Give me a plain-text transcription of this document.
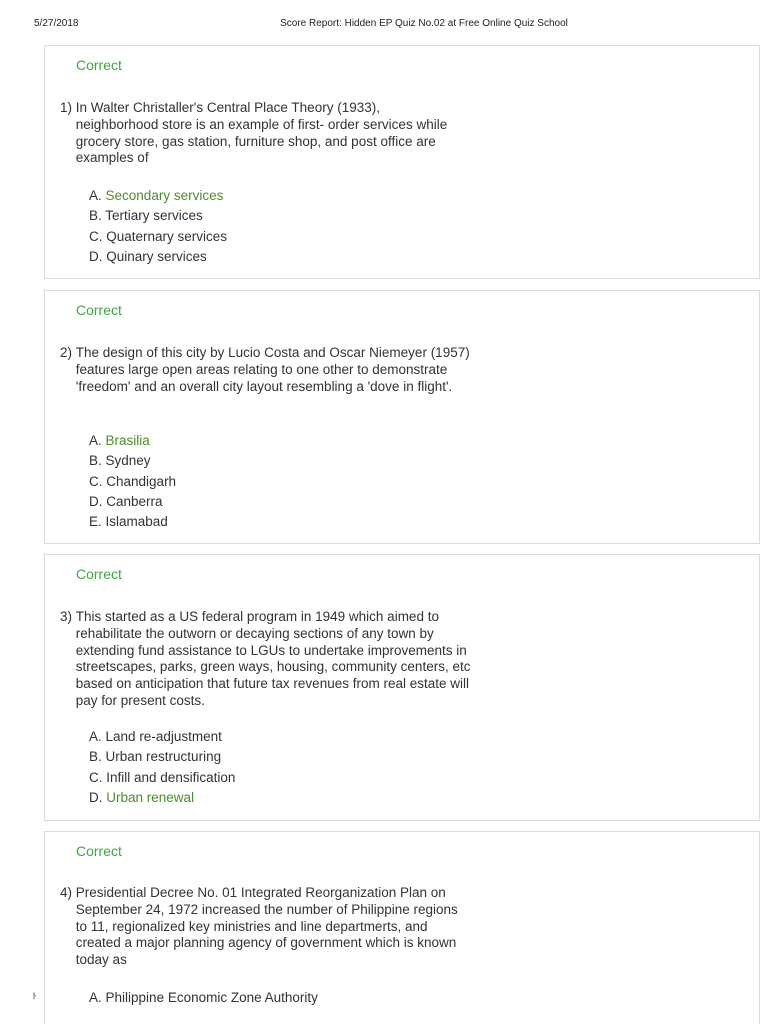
5/27/2018	Score Report: Hidden EP Quiz No.02 at Free Online Quiz School
Correct
1)
In Walter Christaller's Central Place Theory (1933), neighborhood store is an example of first- order services while grocery store, gas station, furniture shop, and post office are examples of
A. Secondary services
B. Tertiary services
C. Quaternary services
D. Quinary services
Correct
2)
The design of this city by Lucio Costa and Oscar Niemeyer (1957) features large open areas relating to one other to demonstrate 'freedom' and an overall city layout resembling a 'dove in flight'.
A. Brasilia
B. Sydney
C. Chandigarh
D. Canberra
E. Islamabad
Correct
3)
This started as a US federal program in 1949 which aimed to rehabilitate the outworn or decaying sections of any town by extending fund assistance to LGUs to undertake improvements in streetscapes, parks, green ways, housing, community centers, etc based on anticipation that future tax revenues from real estate will pay for present costs.
A. Land re-adjustment
B. Urban restructuring
C. Infill and densification
D. Urban renewal
Correct
4)
Presidential Decree No. 01 Integrated Reorganization Plan on September 24, 1972 increased the number of Philippine regions to 11, regionalized key ministries and line departmerts, and created a major planning agency of government which is known today as
A. Philippine Economic Zone Authority
ŀ
